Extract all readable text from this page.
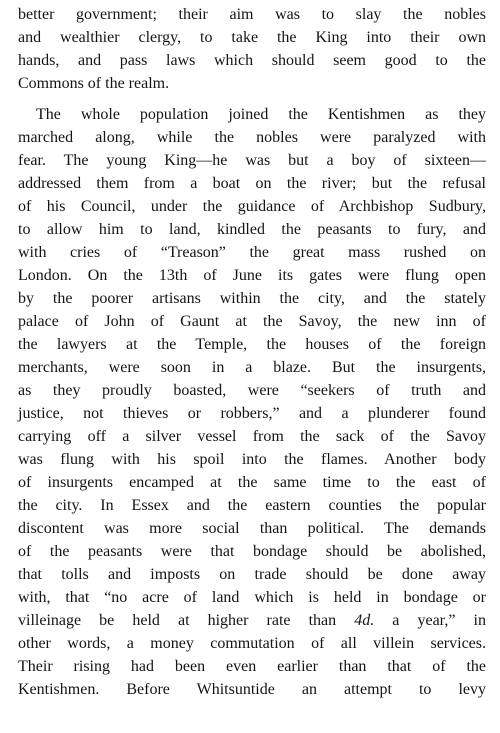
better government; their aim was to slay the nobles
and wealthier clergy, to take the King into their own
hands, and pass laws which should seem good to the
Commons of the realm.
The whole population joined the Kentishmen as they
marched along, while the nobles were paralyzed with
fear. The young King—he was but a boy of sixteen—
addressed them from a boat on the river; but the refusal
of his Council, under the guidance of Archbishop Sudbury,
to allow him to land, kindled the peasants to fury, and
with cries of “Treason” the great mass rushed on
London. On the 13th of June its gates were flung open
by the poorer artisans within the city, and the stately
palace of John of Gaunt at the Savoy, the new inn of
the lawyers at the Temple, the houses of the foreign
merchants, were soon in a blaze. But the insurgents,
as they proudly boasted, were “seekers of truth and
justice, not thieves or robbers,” and a plunderer found
carrying off a silver vessel from the sack of the Savoy
was flung with his spoil into the flames. Another body
of insurgents encamped at the same time to the east of
the city. In Essex and the eastern counties the popular
discontent was more social than political. The demands
of the peasants were that bondage should be abolished,
that tolls and imposts on trade should be done away
with, that “no acre of land which is held in bondage or
villeinage be held at higher rate than 4d. a year,” in
other words, a money commutation of all villein services.
Their rising had been even earlier than that of the
Kentishmen. Before Whitsuntide an attempt to levy
